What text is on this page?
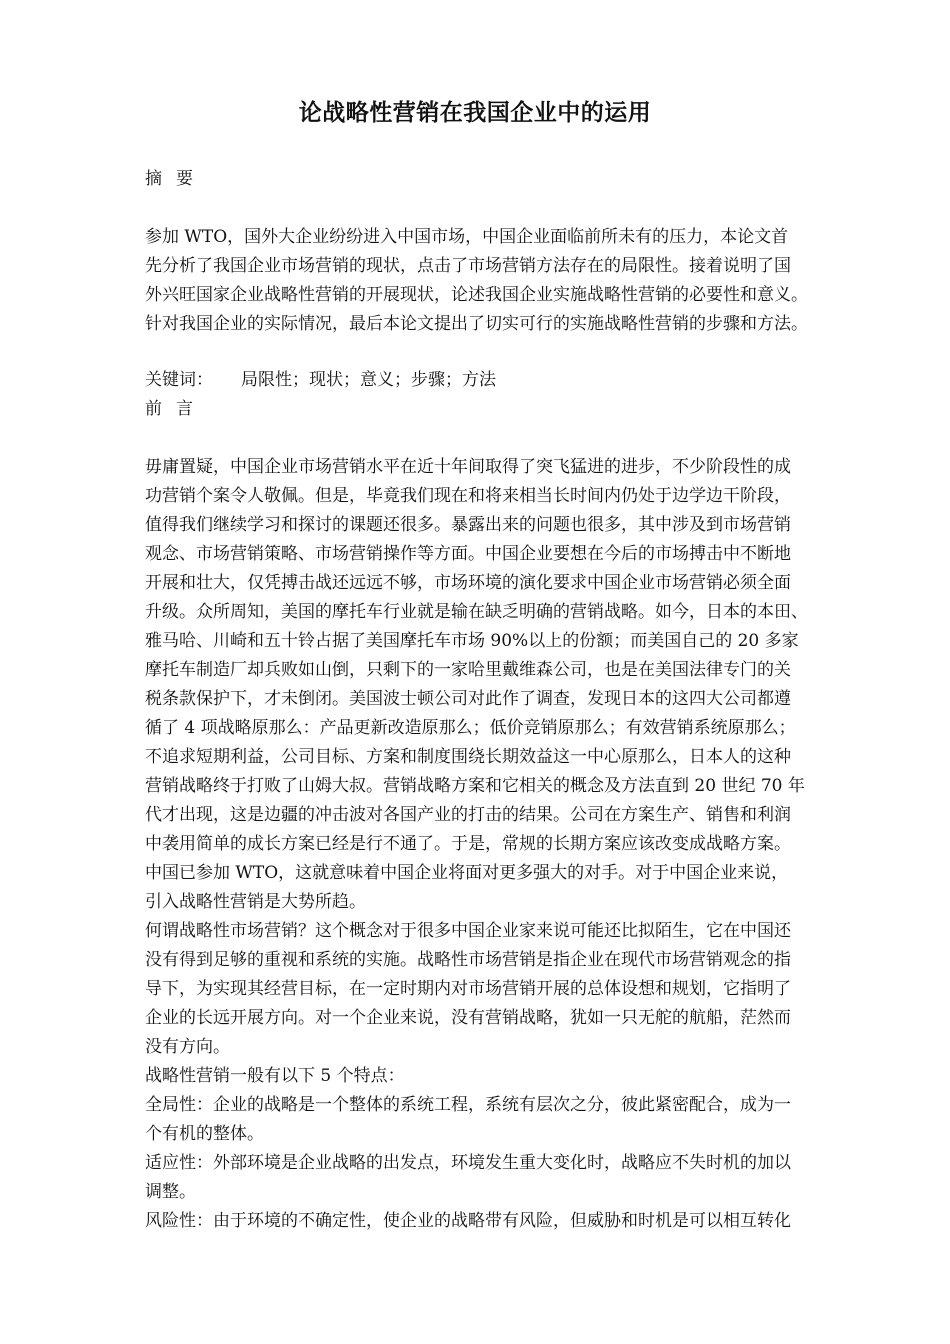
论战略性营销在我国企业中的运用
摘要
参加 WTO，国外大企业纷纷进入中国市场，中国企业面临前所未有的压力，本论文首
先分析了我国企业市场营销的现状，点击了市场营销方法存在的局限性。接着说明了国
外兴旺国家企业战略性营销的开展现状，论述我国企业实施战略性营销的必要性和意义。
针对我国企业的实际情况，最后本论文提出了切实可行的实施战略性营销的步骤和方法。
关键词： 局限性；现状；意义；步骤；方法
前言
毋庸置疑，中国企业市场营销水平在近十年间取得了突飞猛进的进步，不少阶段性的成
功营销个案令人敬佩。但是，毕竟我们现在和将来相当长时间内仍处于边学边干阶段，
值得我们继续学习和探讨的课题还很多。暴露出来的问题也很多，其中涉及到市场营销
观念、市场营销策略、市场营销操作等方面。中国企业要想在今后的市场搏击中不断地
开展和壮大，仅凭搏击战还远远不够，市场环境的演化要求中国企业市场营销必须全面
升级。众所周知，美国的摩托车行业就是输在缺乏明确的营销战略。如今，日本的本田、
雅马哈、川崎和五十铃占据了美国摩托车市场 90%以上的份额；而美国自己的 20 多家
摩托车制造厂却兵败如山倒，只剩下的一家哈里戴维森公司，也是在美国法律专门的关
税条款保护下，才未倒闭。美国波士顿公司对此作了调查，发现日本的这四大公司都遵
循了 4 项战略原那么：产品更新改造原那么；低价竞销原那么；有效营销系统原那么；
不追求短期利益，公司目标、方案和制度围绕长期效益这一中心原那么，日本人的这种
营销战略终于打败了山姆大叔。营销战略方案和它相关的概念及方法直到 20 世纪 70 年
代才出现，这是边疆的冲击波对各国产业的打击的结果。公司在方案生产、销售和利润
中袭用简单的成长方案已经是行不通了。于是，常规的长期方案应该改变成战略方案。
中国已参加 WTO，这就意味着中国企业将面对更多强大的对手。对于中国企业来说，
引入战略性营销是大势所趋。
何谓战略性市场营销？这个概念对于很多中国企业家来说可能还比拟陌生，它在中国还
没有得到足够的重视和系统的实施。战略性市场营销是指企业在现代市场营销观念的指
导下，为实现其经营目标，在一定时期内对市场营销开展的总体设想和规划，它指明了
企业的长远开展方向。对一个企业来说，没有营销战略，犹如一只无舵的航船，茫然而
没有方向。
战略性营销一般有以下 5 个特点：
全局性：企业的战略是一个整体的系统工程，系统有层次之分，彼此紧密配合，成为一
个有机的整体。
适应性：外部环境是企业战略的出发点，环境发生重大变化时，战略应不失时机的加以
调整。
风险性：由于环境的不确定性，使企业的战略带有风险，但威胁和时机是可以相互转化
